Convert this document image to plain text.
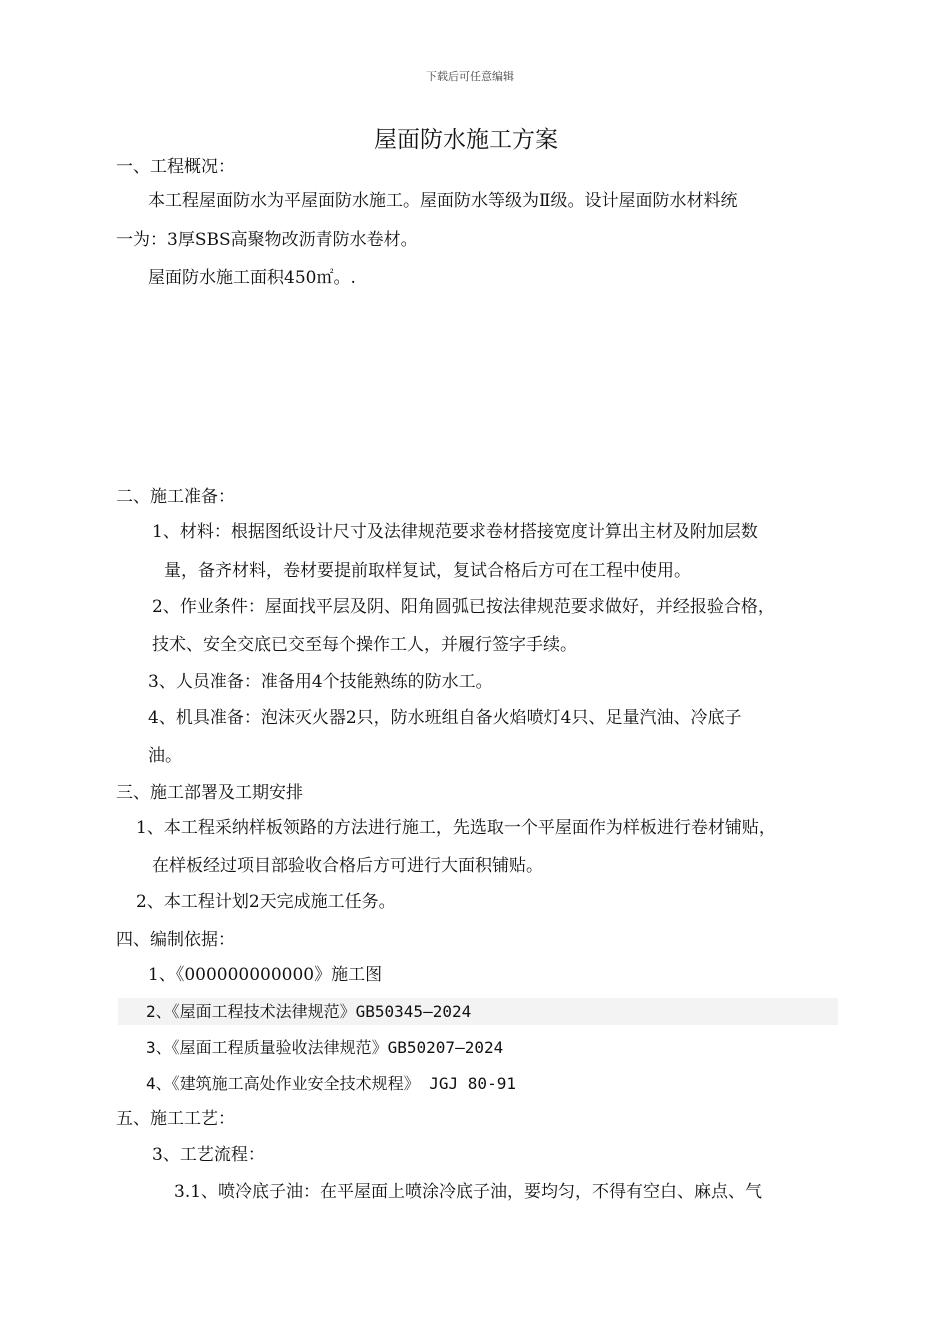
下载后可任意编辑
屋面防水施工方案
一、工程概况：
本工程屋面防水为平屋面防水施工。屋面防水等级为Ⅱ级。设计屋面防水材料统
一为：3厚SBS高聚物改沥青防水卷材。
屋面防水施工面积450㎡。.
二、施工准备：
1、材料：根据图纸设计尺寸及法律规范要求卷材搭接宽度计算出主材及附加层数
量，备齐材料，卷材要提前取样复试，复试合格后方可在工程中使用。
2、作业条件：屋面找平层及阴、阳角圆弧已按法律规范要求做好，并经报验合格，
技术、安全交底已交至每个操作工人，并履行签字手续。
3、人员准备：准备用4个技能熟练的防水工。
4、机具准备：泡沫灭火器2只，防水班组自备火焰喷灯4只、足量汽油、冷底子
油。
三、施工部署及工期安排
1、本工程采纳样板领路的方法进行施工，先选取一个平屋面作为样板进行卷材铺贴，
在样板经过项目部验收合格后方可进行大面积铺贴。
2、本工程计划2天完成施工任务。
四、编制依据：
1、《000000000000》施工图
2、《屋面工程技术法律规范》GB50345—2024
3、《屋面工程质量验收法律规范》GB50207—2024
4、《建筑施工高处作业安全技术规程》 JGJ 80-91
五、施工工艺：
3、工艺流程：
3.1、喷冷底子油：在平屋面上喷涂冷底子油，要均匀，不得有空白、麻点、气
